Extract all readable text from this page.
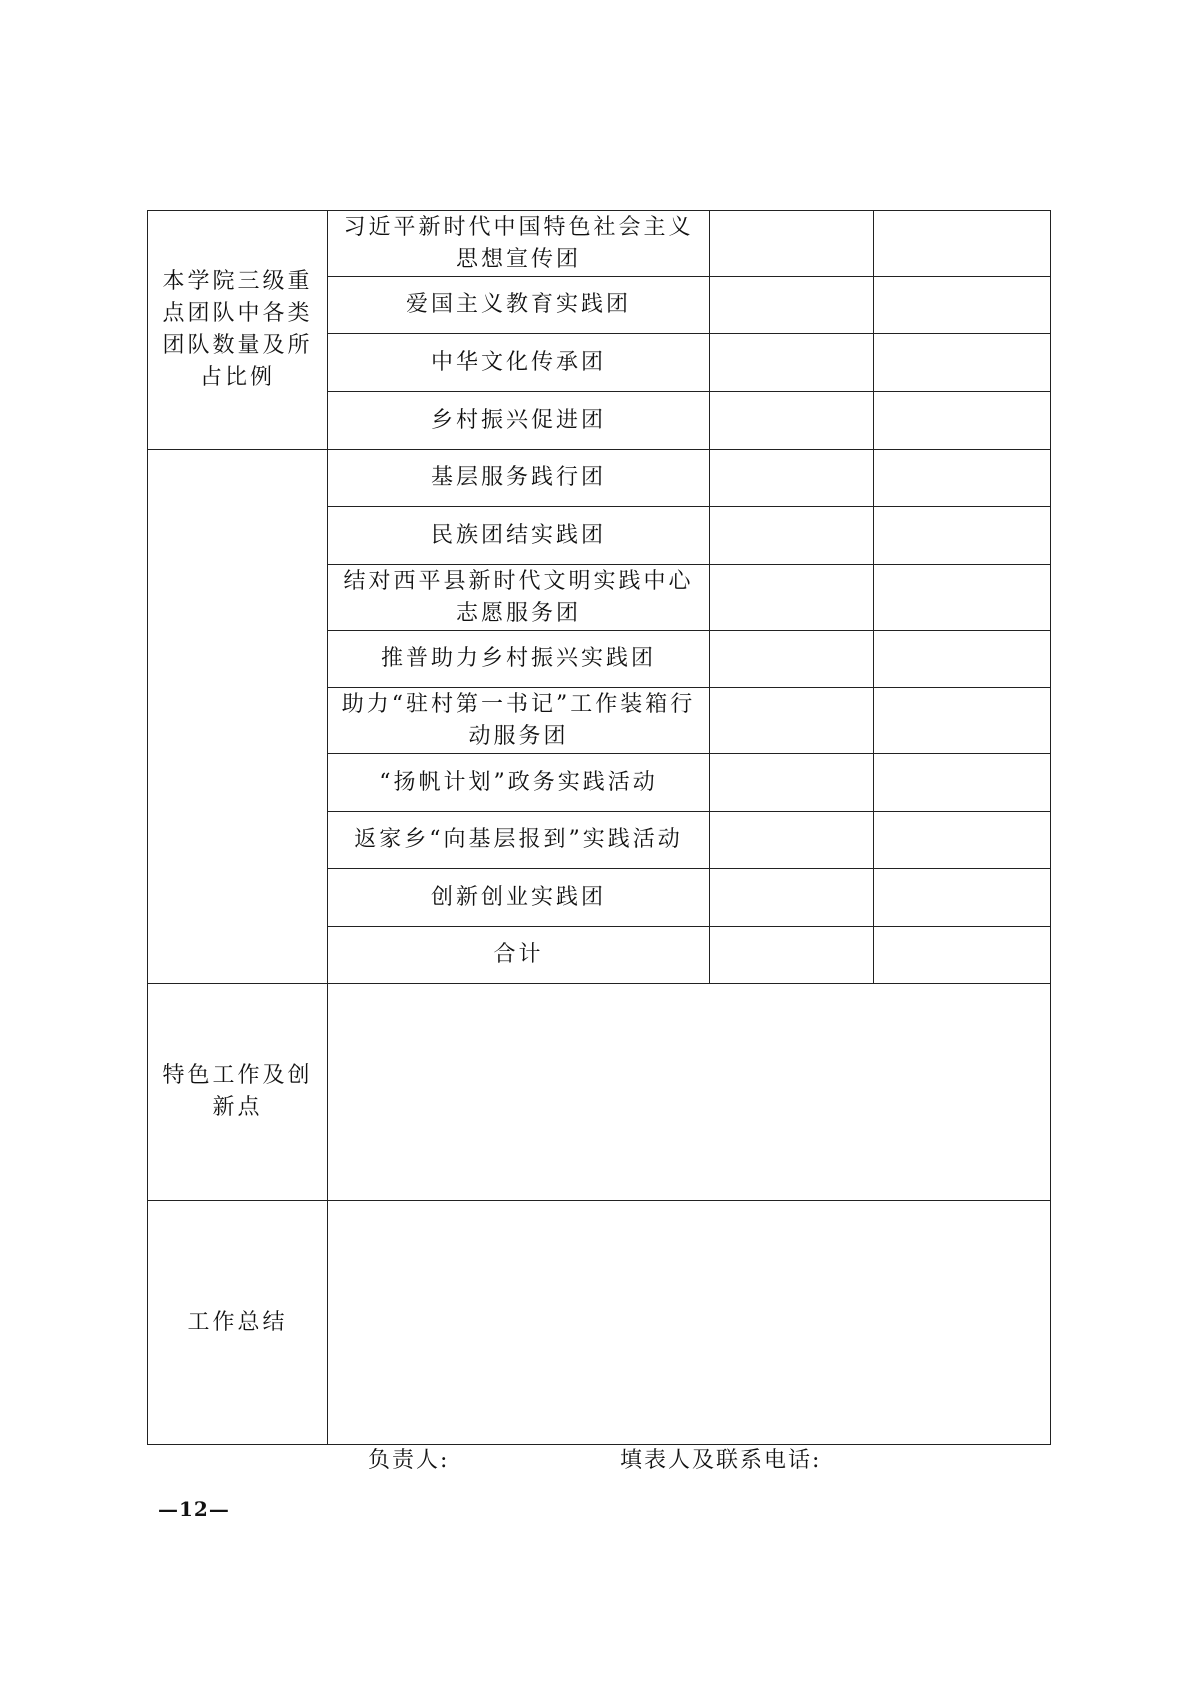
本学院三级重点团队中各类团队数量及所占比例	习近平新时代中国特色社会主义思想宣传团		
	爱国主义教育实践团		
	中华文化传承团		
	乡村振兴促进团		
	基层服务践行团		
	民族团结实践团		
	结对西平县新时代文明实践中心志愿服务团		
	推普助力乡村振兴实践团		
	助力“驻村第一书记”工作装箱行动服务团		
	“扬帆计划”政务实践活动		
	返家乡“向基层报到”实践活动		
	创新创业实践团		
	合计		
特色工作及创新点			
工作总结			
负责人:	填表人及联系电话:
—12—
